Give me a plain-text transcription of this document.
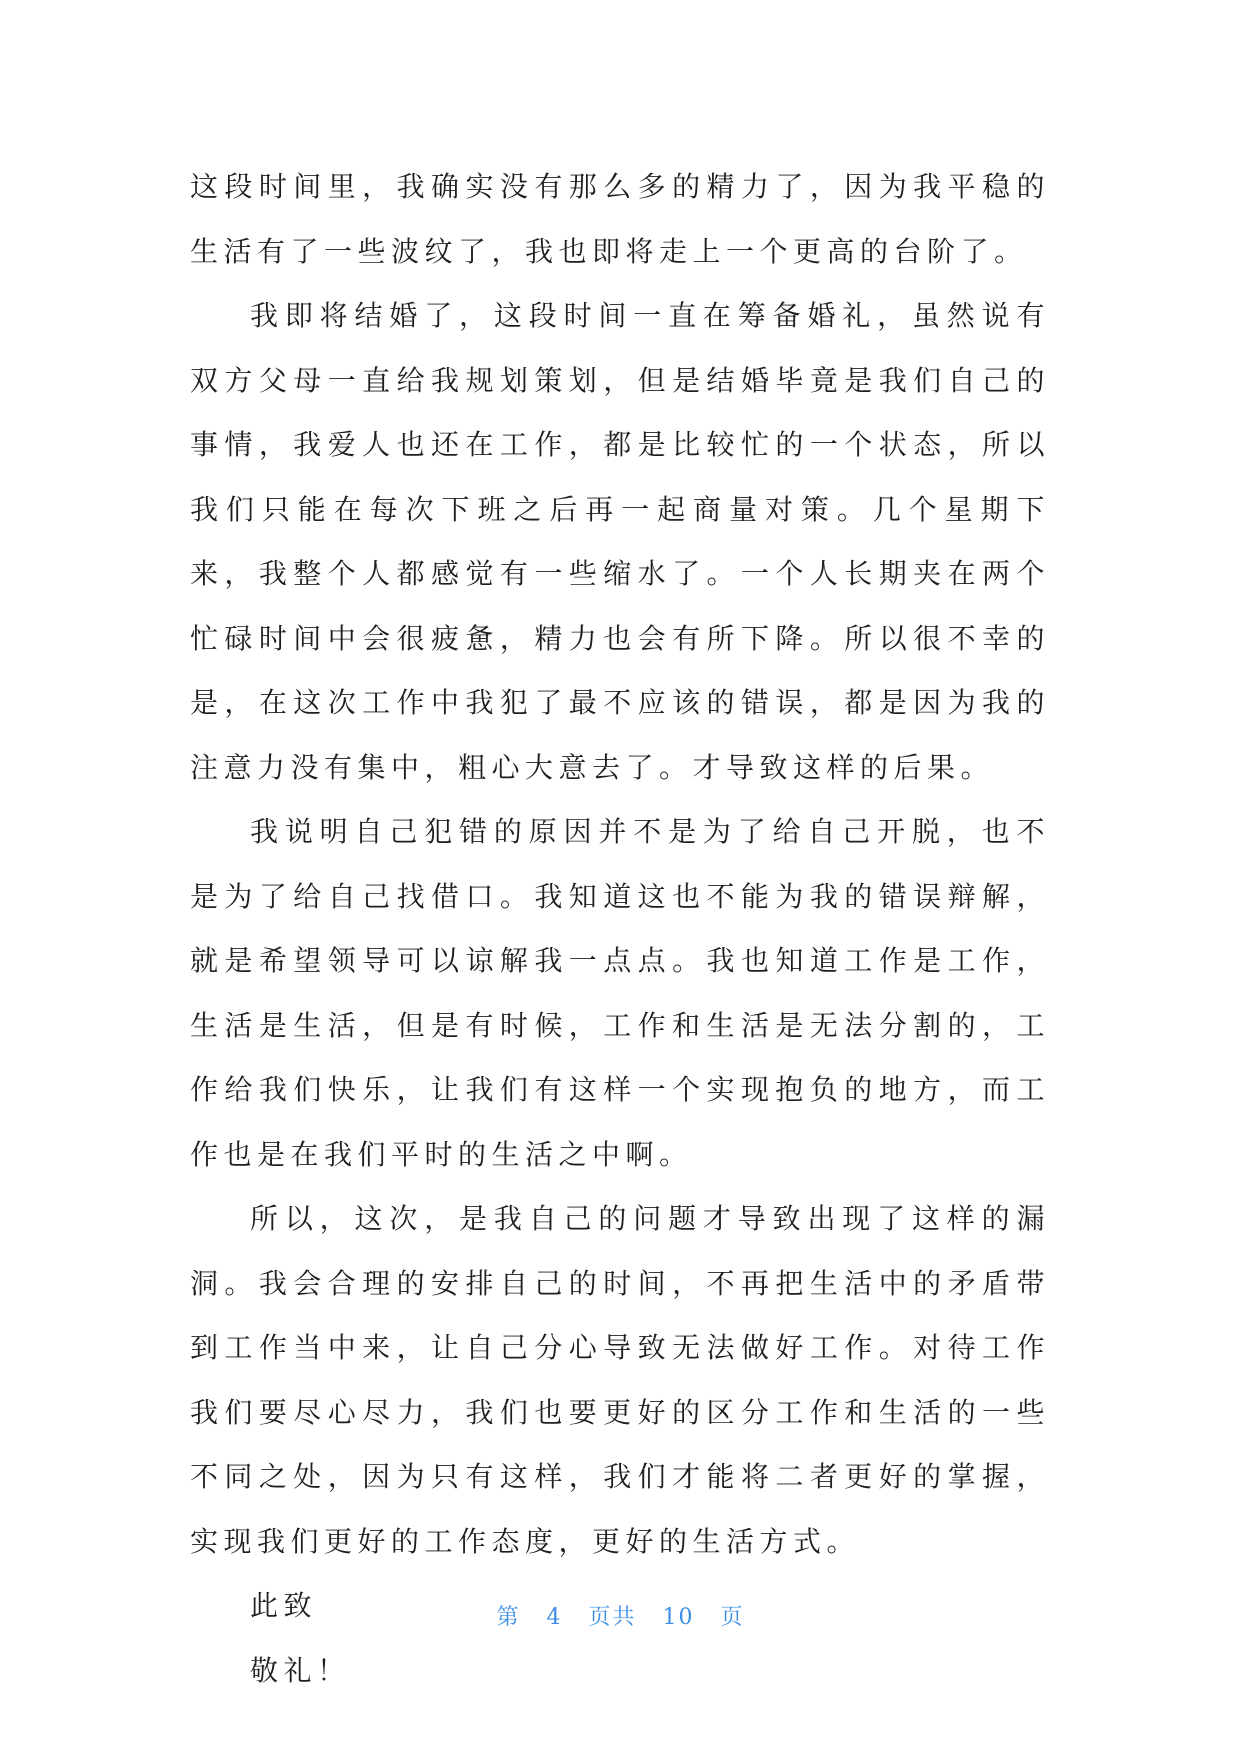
这段时间里，我确实没有那么多的精力了，因为我平稳的生活有了一些波纹了，我也即将走上一个更高的台阶了。

我即将结婚了，这段时间一直在筹备婚礼，虽然说有双方父母一直给我规划策划，但是结婚毕竟是我们自己的事情，我爱人也还在工作，都是比较忙的一个状态，所以我们只能在每次下班之后再一起商量对策。几个星期下来，我整个人都感觉有一些缩水了。一个人长期夹在两个忙碌时间中会很疲惫，精力也会有所下降。所以很不幸的是，在这次工作中我犯了最不应该的错误，都是因为我的注意力没有集中，粗心大意去了。才导致这样的后果。

我说明自己犯错的原因并不是为了给自己开脱，也不是为了给自己找借口。我知道这也不能为我的错误辩解，就是希望领导可以谅解我一点点。我也知道工作是工作，生活是生活，但是有时候，工作和生活是无法分割的，工作给我们快乐，让我们有这样一个实现抱负的地方，而工作也是在我们平时的生活之中啊。

所以，这次，是我自己的问题才导致出现了这样的漏洞。我会合理的安排自己的时间，不再把生活中的矛盾带到工作当中来，让自己分心导致无法做好工作。对待工作我们要尽心尽力，我们也要更好的区分工作和生活的一些不同之处，因为只有这样，我们才能将二者更好的掌握，实现我们更好的工作态度，更好的生活方式。

此致

敬礼！

第 4 页共 10 页
